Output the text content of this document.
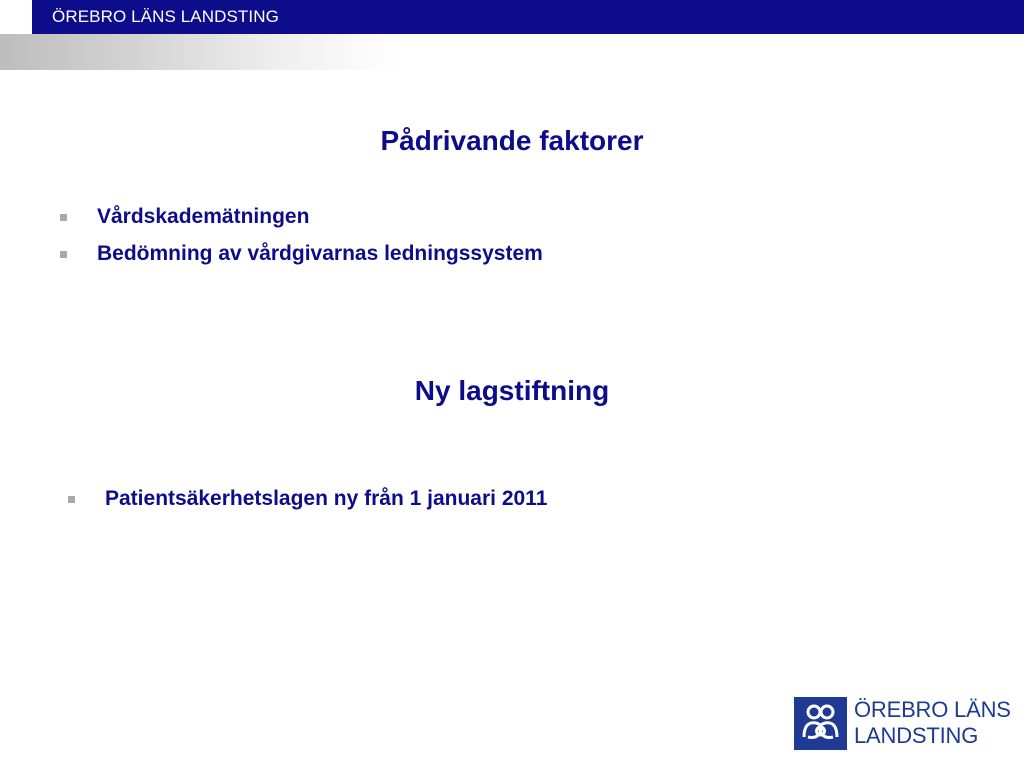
ÖREBRO LÄNS LANDSTING
Pådrivande faktorer
Vårdskademätningen
Bedömning av vårdgivarnas ledningssystem
Ny lagstiftning
Patientsäkerhetslagen ny från 1 januari 2011
ÖREBRO LÄNS
LANDSTING
